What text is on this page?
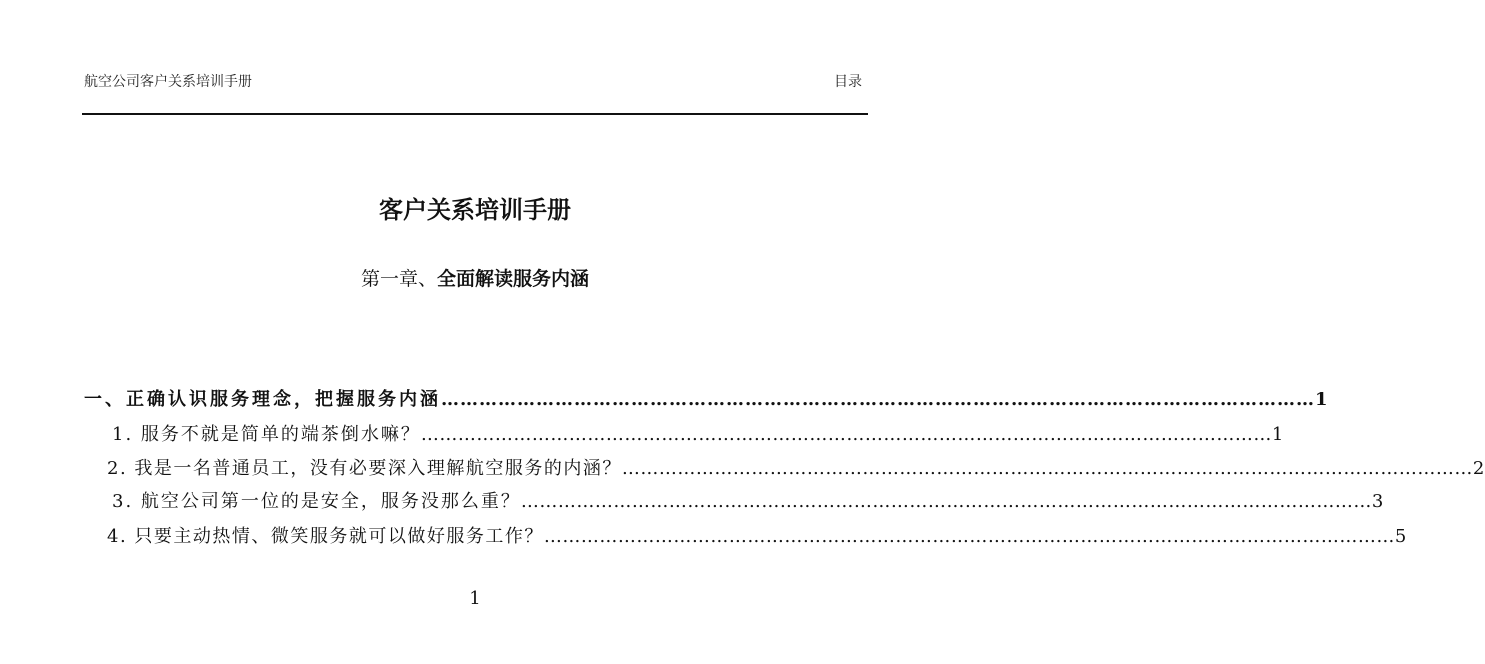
航空公司客户关系培训手册	目录
客户关系培训手册
第一章、全面解读服务内涵
一、正确认识服务理念，把握服务内涵 ………………………………………………………………………………………………………………………… 1
1. 服务不就是简单的端茶倒水嘛？ ………………………………………………………………………………………………………………………… 1
2. 我是一名普通员工，没有必要深入理解航空服务的内涵？ ………………………………………………………………………………………………………………………… 2
3. 航空公司第一位的是安全，服务没那么重？ ………………………………………………………………………………………………………………………… 3
4. 只要主动热情、微笑服务就可以做好服务工作？ ………………………………………………………………………………………………………………………… 5
1
